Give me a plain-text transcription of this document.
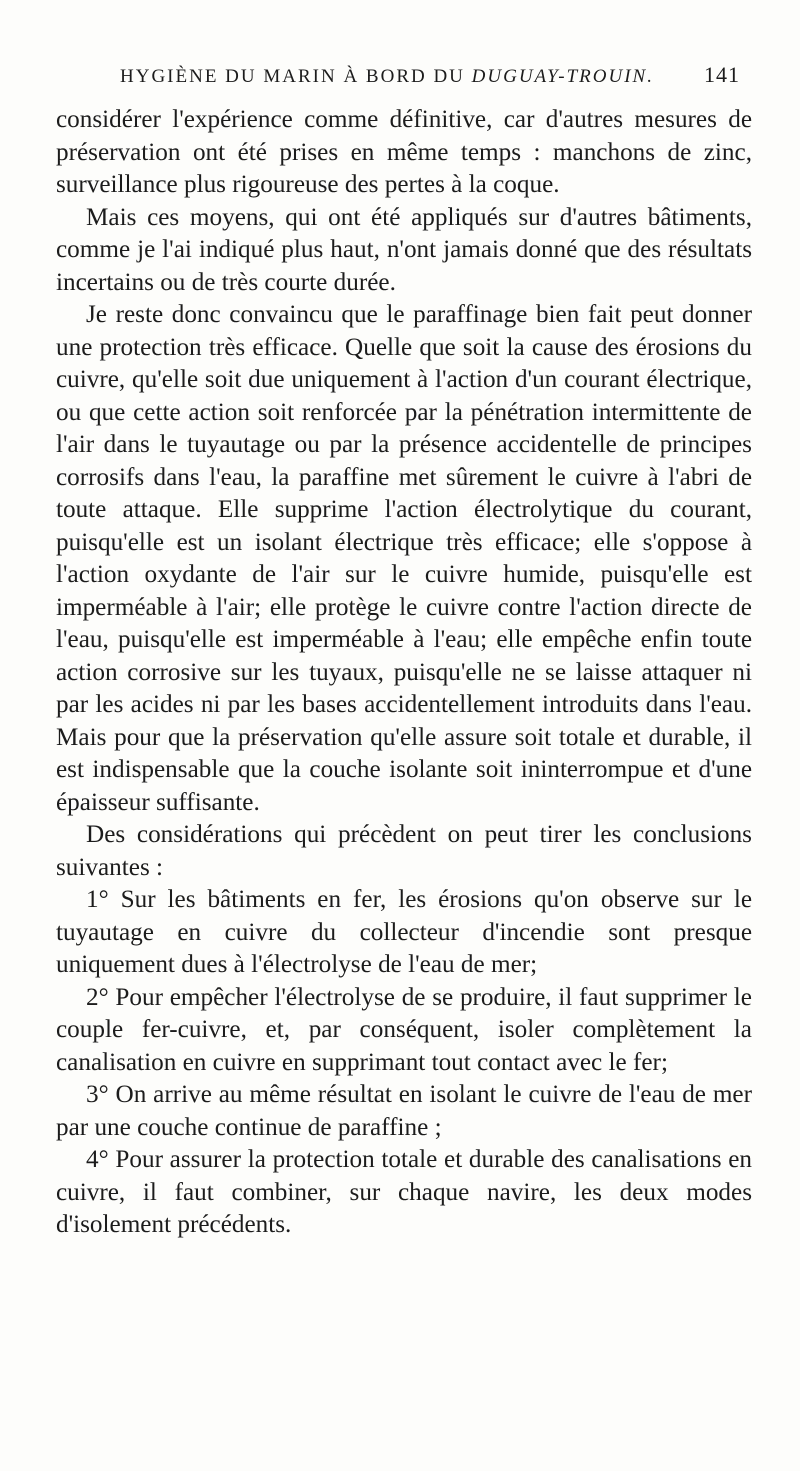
HYGIÈNE DU MARIN À BORD DU DUGUAY-TROUIN. 141

considérer l'expérience comme définitive, car d'autres mesures de préservation ont été prises en même temps : manchons de zinc, surveillance plus rigoureuse des pertes à la coque.

Mais ces moyens, qui ont été appliqués sur d'autres bâtiments, comme je l'ai indiqué plus haut, n'ont jamais donné que des résultats incertains ou de très courte durée.

Je reste donc convaincu que le paraffinage bien fait peut donner une protection très efficace. Quelle que soit la cause des érosions du cuivre, qu'elle soit due uniquement à l'action d'un courant électrique, ou que cette action soit renforcée par la pénétration intermittente de l'air dans le tuyautage ou par la présence accidentelle de principes corrosifs dans l'eau, la paraffine met sûrement le cuivre à l'abri de toute attaque. Elle supprime l'action électrolytique du courant, puisqu'elle est un isolant électrique très efficace; elle s'oppose à l'action oxydante de l'air sur le cuivre humide, puisqu'elle est imperméable à l'air; elle protège le cuivre contre l'action directe de l'eau, puisqu'elle est imperméable à l'eau; elle empêche enfin toute action corrosive sur les tuyaux, puisqu'elle ne se laisse attaquer ni par les acides ni par les bases accidentellement introduits dans l'eau. Mais pour que la préservation qu'elle assure soit totale et durable, il est indispensable que la couche isolante soit ininterrompue et d'une épaisseur suffisante.

Des considérations qui précèdent on peut tirer les conclusions suivantes :

1° Sur les bâtiments en fer, les érosions qu'on observe sur le tuyautage en cuivre du collecteur d'incendie sont presque uniquement dues à l'électrolyse de l'eau de mer;

2° Pour empêcher l'électrolyse de se produire, il faut supprimer le couple fer-cuivre, et, par conséquent, isoler complètement la canalisation en cuivre en supprimant tout contact avec le fer;

3° On arrive au même résultat en isolant le cuivre de l'eau de mer par une couche continue de paraffine ;

4° Pour assurer la protection totale et durable des canalisations en cuivre, il faut combiner, sur chaque navire, les deux modes d'isolement précédents.
